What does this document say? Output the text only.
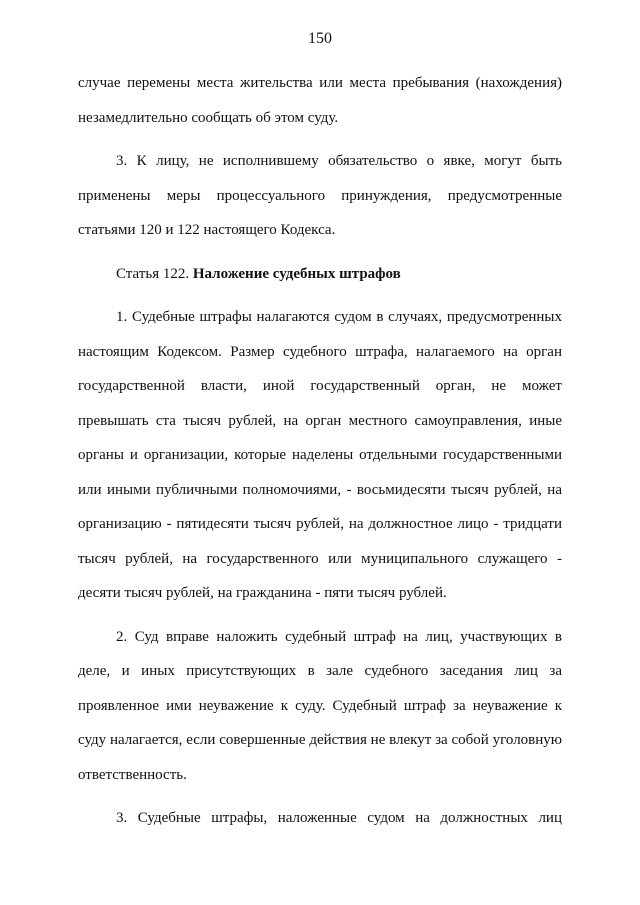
150

случае перемены места жительства или места пребывания (нахождения)
незамедлительно сообщать об этом суду.

3. К лицу, не исполнившему обязательство о явке, могут быть
применены меры процессуального принуждения, предусмотренные
статьями 120 и 122 настоящего Кодекса.

Статья 122. Наложение судебных штрафов

1. Судебные штрафы налагаются судом в случаях, предусмотренных
настоящим Кодексом. Размер судебного штрафа, налагаемого на орган
государственной власти, иной государственный орган, не может
превышать ста тысяч рублей, на орган местного самоуправления, иные
органы и организации, которые наделены отдельными государственными
или иными публичными полномочиями, - восьмидесяти тысяч рублей, на
организацию - пятидесяти тысяч рублей, на должностное лицо - тридцати
тысяч рублей, на государственного или муниципального служащего -
десяти тысяч рублей, на гражданина - пяти тысяч рублей.

2. Суд вправе наложить судебный штраф на лиц, участвующих в
деле, и иных присутствующих в зале судебного заседания лиц за
проявленное ими неуважение к суду. Судебный штраф за неуважение к
суду налагается, если совершенные действия не влекут за собой уголовную
ответственность.

3. Судебные штрафы, наложенные судом на должностных лиц
